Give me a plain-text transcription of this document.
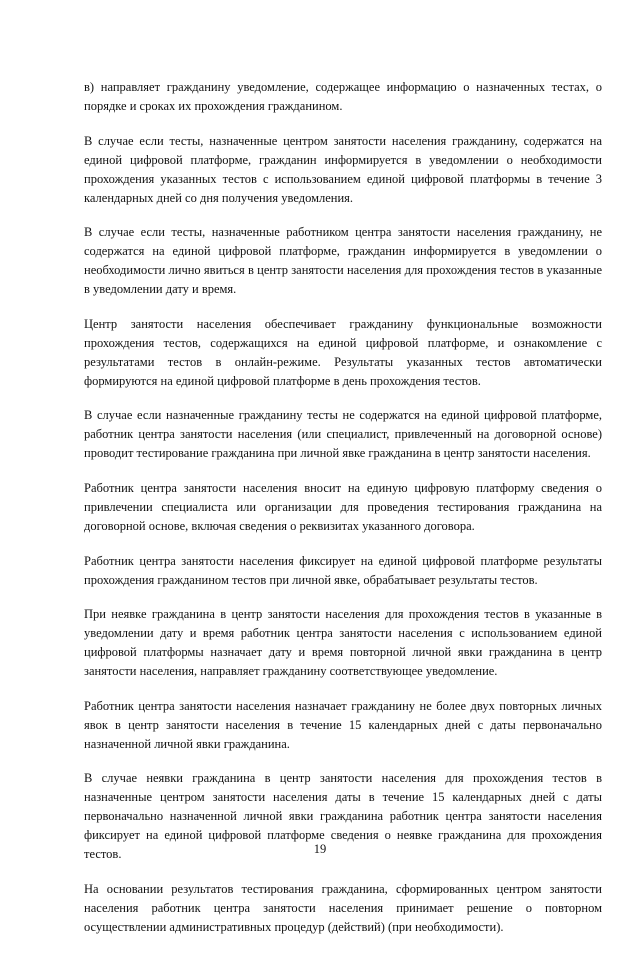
в) направляет гражданину уведомление, содержащее информацию о назначенных тестах, о порядке и сроках их прохождения гражданином.

В случае если тесты, назначенные центром занятости населения гражданину, содержатся на единой цифровой платформе, гражданин информируется в уведомлении о необходимости прохождения указанных тестов с использованием единой цифровой платформы в течение 3 календарных дней со дня получения уведомления.

В случае если тесты, назначенные работником центра занятости населения гражданину, не содержатся на единой цифровой платформе, гражданин информируется в уведомлении о необходимости лично явиться в центр занятости населения для прохождения тестов в указанные в уведомлении дату и время.

Центр занятости населения обеспечивает гражданину функциональные возможности прохождения тестов, содержащихся на единой цифровой платформе, и ознакомление с результатами тестов в онлайн-режиме. Результаты указанных тестов автоматически формируются на единой цифровой платформе в день прохождения тестов.

В случае если назначенные гражданину тесты не содержатся на единой цифровой платформе, работник центра занятости населения (или специалист, привлеченный на договорной основе) проводит тестирование гражданина при личной явке гражданина в центр занятости населения.

Работник центра занятости населения вносит на единую цифровую платформу сведения о привлечении специалиста или организации для проведения тестирования гражданина на договорной основе, включая сведения о реквизитах указанного договора.

Работник центра занятости населения фиксирует на единой цифровой платформе результаты прохождения гражданином тестов при личной явке, обрабатывает результаты тестов.

При неявке гражданина в центр занятости населения для прохождения тестов в указанные в уведомлении дату и время работник центра занятости населения с использованием единой цифровой платформы назначает дату и время повторной личной явки гражданина в центр занятости населения, направляет гражданину соответствующее уведомление.

Работник центра занятости населения назначает гражданину не более двух повторных личных явок в центр занятости населения в течение 15 календарных дней с даты первоначально назначенной личной явки гражданина.

В случае неявки гражданина в центр занятости населения для прохождения тестов в назначенные центром занятости населения даты в течение 15 календарных дней с даты первоначально назначенной личной явки гражданина работник центра занятости населения фиксирует на единой цифровой платформе сведения о неявке гражданина для прохождения тестов.

На основании результатов тестирования гражданина, сформированных центром занятости населения работник центра занятости населения принимает решение о повторном осуществлении административных процедур (действий) (при необходимости).

19
